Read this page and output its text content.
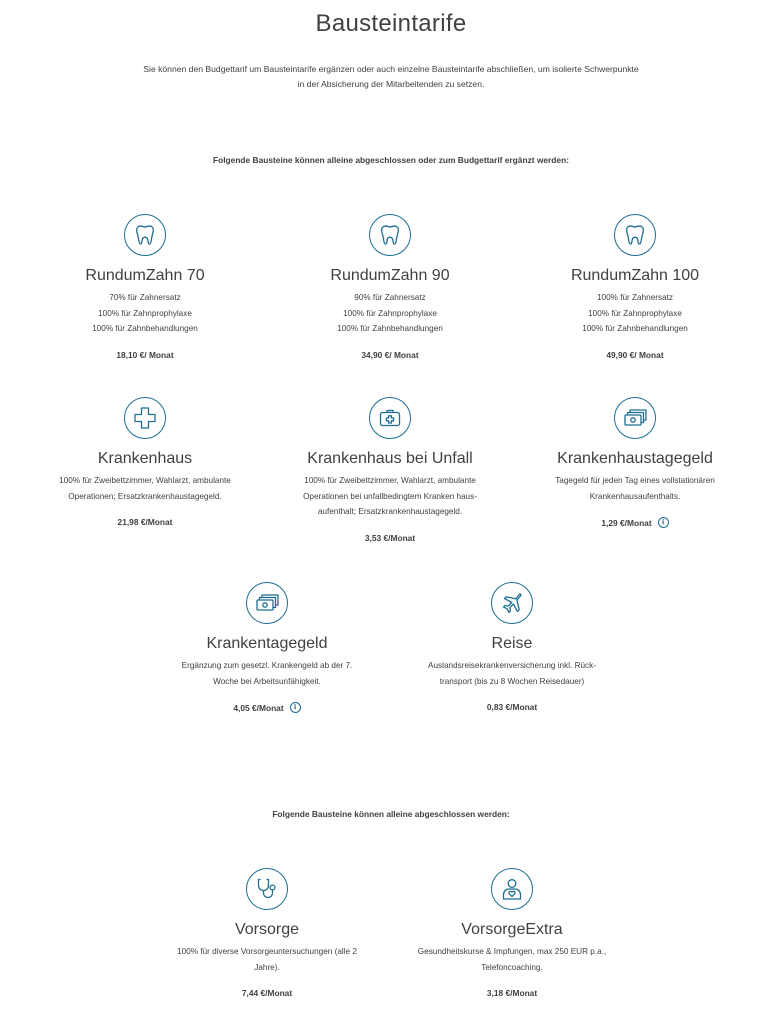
Bausteintarife

Sie können den Budgettarif um Bausteintarife ergänzen oder auch einzelne Bausteintarife abschließen, um isolierte Schwerpunkte in der Absicherung der Mitarbeitenden zu setzen.

Folgende Bausteine können alleine abgeschlossen oder zum Budgettarif ergänzt werden:

Folgende Bausteine können alleine abgeschlossen werden:

RundumZahn 70
70% für Zahnersatz
100% für Zahnprophylaxe
100% für Zahnbehandlungen
18,10 €/ Monat
RundumZahn 90
90% für Zahnersatz
100% für Zahnprophylaxe
100% für Zahnbehandlungen
34,90 €/ Monat
RundumZahn 100
100% für Zahnersatz
100% für Zahnprophylaxe
100% für Zahnbehandlungen
49,90 €/ Monat
Krankenhaus
100% für Zweibettzimmer, Wahlarzt, ambulante
Operationen; Ersatzkrankenhaustagegeld.
21,98 €/Monat
Krankenhaus bei Unfall
100% für Zweibettzimmer, Wahlarzt, ambulante
Operationen bei unfallbedingtem Kranken haus-
aufenthalt; Ersatzkrankenhaustagegeld.
3,53 €/Monat
Krankenhaustagegeld
Tagegeld für jeden Tag eines vollstationären
Krankenhausaufenthalts.
1,29 €/Monat	i
Krankentagegeld
Ergänzung zum gesetzl. Krankengeld ab der 7.
Woche bei Arbeitsunfähigkeit.
4,05 €/Monat	i
Reise
Auslandsreisekrankenversicherung inkl. Rück-
transport (bis zu 8 Wochen Reisedauer)
0,83 €/Monat
Vorsorge
100% für diverse Vorsorgeuntersuchungen (alle 2
Jahre).
7,44 €/Monat
VorsorgeExtra
Gesundheitskurse & Impfungen, max 250 EUR p.a.,
Telefoncoaching.
3,18 €/Monat
